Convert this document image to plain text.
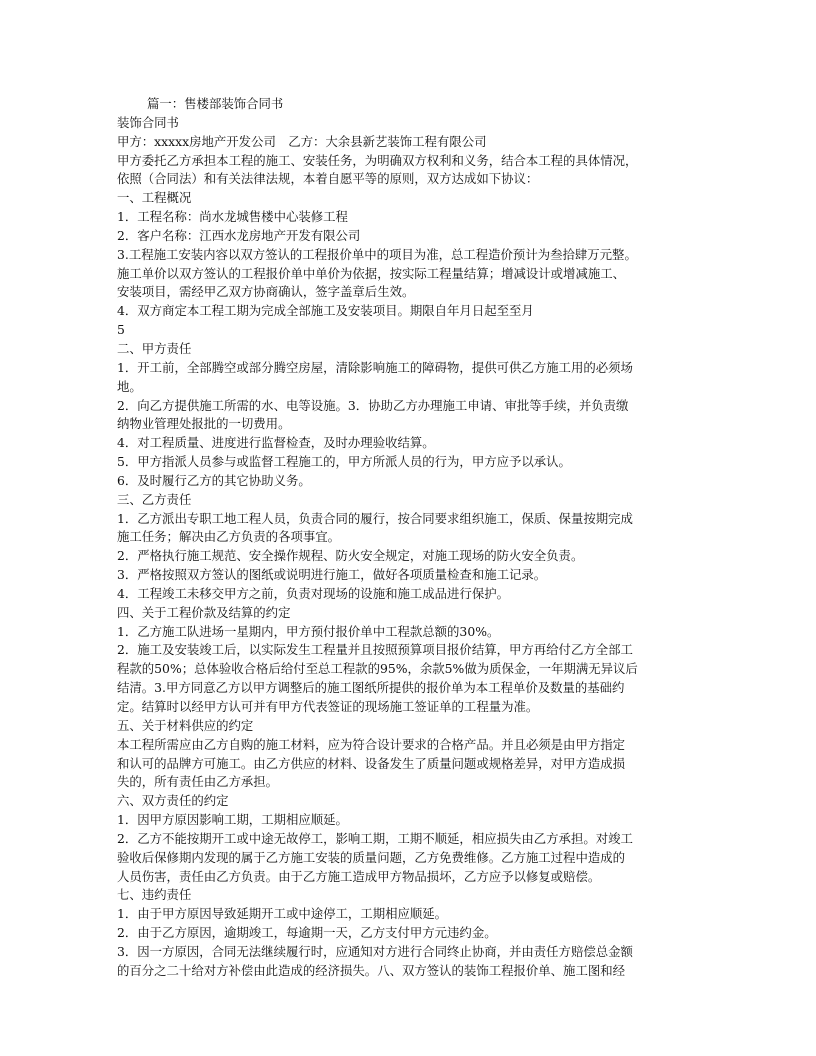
篇一：售楼部装饰合同书
装饰合同书
甲方：xxxxx房地产开发公司　乙方：大余县新艺装饰工程有限公司
甲方委托乙方承担本工程的施工、安装任务，为明确双方权利和义务，结合本工程的具体情况，
依照（合同法）和有关法律法规，本着自愿平等的原则，双方达成如下协议：
一、工程概况
1．工程名称：尚水龙城售楼中心装修工程
2．客户名称：江西水龙房地产开发有限公司
3.工程施工安装内容以双方签认的工程报价单中的项目为准，总工程造价预计为叁拾肆万元整。
施工单价以双方签认的工程报价单中单价为依据，按实际工程量结算；增减设计或增减施工、
安装项目，需经甲乙双方协商确认，签字盖章后生效。
4．双方商定本工程工期为完成全部施工及安装项目。期限自年月日起至至月
5
二、甲方责任
1．开工前，全部腾空或部分腾空房屋，清除影响施工的障碍物，提供可供乙方施工用的必须场
地。
2．向乙方提供施工所需的水、电等设施。3．协助乙方办理施工申请、审批等手续，并负责缴
纳物业管理处报批的一切费用。
4．对工程质量、进度进行监督检查，及时办理验收结算。
5．甲方指派人员参与或监督工程施工的，甲方所派人员的行为，甲方应予以承认。
6．及时履行乙方的其它协助义务。
三、乙方责任
1．乙方派出专职工地工程人员，负责合同的履行，按合同要求组织施工，保质、保量按期完成
施工任务；解决由乙方负责的各项事宜。
2．严格执行施工规范、安全操作规程、防火安全规定，对施工现场的防火安全负责。
3．严格按照双方签认的图纸或说明进行施工，做好各项质量检查和施工记录。
4．工程竣工未移交甲方之前，负责对现场的设施和施工成品进行保护。
四、关于工程价款及结算的约定
1．乙方施工队进场一星期内，甲方预付报价单中工程款总额的30%。
2．施工及安装竣工后，以实际发生工程量并且按照预算项目报价结算，甲方再给付乙方全部工
程款的50%；总体验收合格后给付至总工程款的95%，余款5%做为质保金，一年期满无异议后
结清。3.甲方同意乙方以甲方调整后的施工图纸所提供的报价单为本工程单价及数量的基础约
定。结算时以经甲方认可并有甲方代表签证的现场施工签证单的工程量为准。
五、关于材料供应的约定
本工程所需应由乙方自购的施工材料，应为符合设计要求的合格产品。并且必须是由甲方指定
和认可的品牌方可施工。由乙方供应的材料、设备发生了质量问题或规格差异，对甲方造成损
失的，所有责任由乙方承担。
六、双方责任的约定
1．因甲方原因影响工期，工期相应顺延。
2．乙方不能按期开工或中途无故停工，影响工期，工期不顺延，相应损失由乙方承担。对竣工
验收后保修期内发现的属于乙方施工安装的质量问题，乙方免费维修。乙方施工过程中造成的
人员伤害，责任由乙方负责。由于乙方施工造成甲方物品损坏，乙方应予以修复或赔偿。
七、违约责任
1．由于甲方原因导致延期开工或中途停工，工期相应顺延。
2．由于乙方原因，逾期竣工，每逾期一天，乙方支付甲方元违约金。
3．因一方原因，合同无法继续履行时，应通知对方进行合同终止协商，并由责任方赔偿总金额
的百分之二十给对方补偿由此造成的经济损失。八、双方签认的装饰工程报价单、施工图和经
